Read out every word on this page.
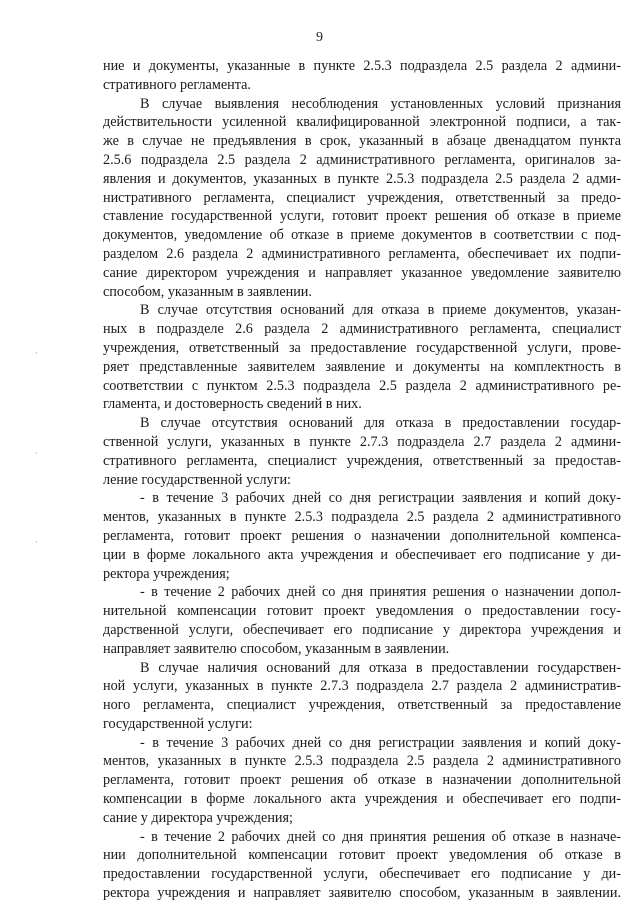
9
·
·
·
ние и документы, указанные в пункте 2.5.3 подраздела 2.5 раздела 2 админи-
стративного регламента.
В случае выявления несоблюдения установленных условий признания
действительности усиленной квалифицированной электронной подписи, а так-
же в случае не предъявления в срок, указанный в абзаце двенадцатом пункта
2.5.6 подраздела 2.5 раздела 2 административного регламента, оригиналов за-
явления и документов, указанных в пункте 2.5.3 подраздела 2.5 раздела 2 адми-
нистративного регламента, специалист учреждения, ответственный за предо-
ставление государственной услуги, готовит проект решения об отказе в приеме
документов, уведомление об отказе в приеме документов в соответствии с под-
разделом 2.6 раздела 2 административного регламента, обеспечивает их подпи-
сание директором учреждения и направляет указанное уведомление заявителю
способом, указанным в заявлении.
В случае отсутствия оснований для отказа в приеме документов, указан-
ных в подразделе 2.6 раздела 2 административного регламента, специалист
учреждения, ответственный за предоставление государственной услуги, прове-
ряет представленные заявителем заявление и документы на комплектность в
соответствии с пунктом 2.5.3 подраздела 2.5 раздела 2 административного ре-
гламента, и достоверность сведений в них.
В случае отсутствия оснований для отказа в предоставлении государ-
ственной услуги, указанных в пункте 2.7.3 подраздела 2.7 раздела 2 админи-
стративного регламента, специалист учреждения, ответственный за предостав-
ление государственной услуги:
- в течение 3 рабочих дней со дня регистрации заявления и копий доку-
ментов, указанных в пункте 2.5.3 подраздела 2.5 раздела 2 административного
регламента, готовит проект решения о назначении дополнительной компенса-
ции в форме локального акта учреждения и обеспечивает его подписание у ди-
ректора учреждения;
- в течение 2 рабочих дней со дня принятия решения о назначении допол-
нительной компенсации готовит проект уведомления о предоставлении госу-
дарственной услуги, обеспечивает его подписание у директора учреждения и
направляет заявителю способом, указанным в заявлении.
В случае наличия оснований для отказа в предоставлении государствен-
ной услуги, указанных в пункте 2.7.3 подраздела 2.7 раздела 2 административ-
ного регламента, специалист учреждения, ответственный за предоставление
государственной услуги:
- в течение 3 рабочих дней со дня регистрации заявления и копий доку-
ментов, указанных в пункте 2.5.3 подраздела 2.5 раздела 2 административного
регламента, готовит проект решения об отказе в назначении дополнительной
компенсации в форме локального акта учреждения и обеспечивает его подпи-
сание у директора учреждения;
- в течение 2 рабочих дней со дня принятия решения об отказе в назначе-
нии дополнительной компенсации готовит проект уведомления об отказе в
предоставлении государственной услуги, обеспечивает его подписание у ди-
ректора учреждения и направляет заявителю способом, указанным в заявлении.
